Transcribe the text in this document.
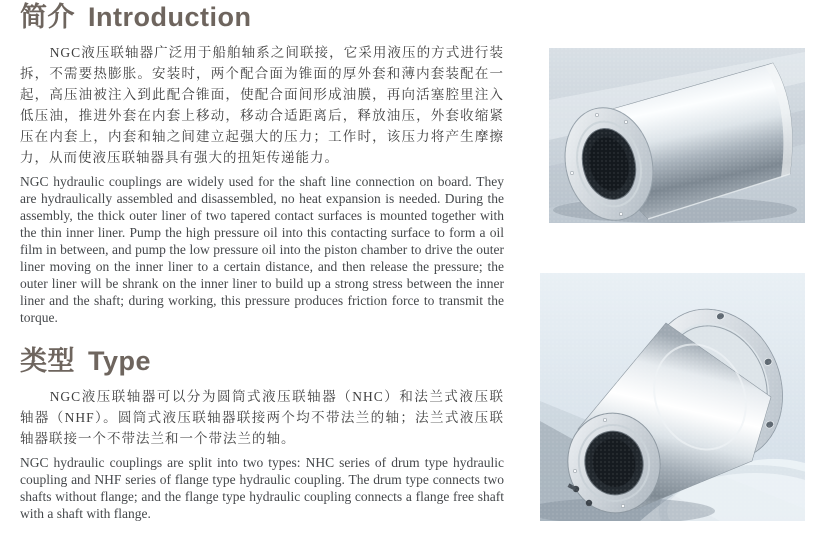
简介 Introduction

NGC液压联轴器广泛用于船舶轴系之间联接，它采用液压的方式进行装拆，不需要热膨胀。安装时，两个配合面为锥面的厚外套和薄内套装配在一起，高压油被注入到此配合锥面，使配合面间形成油膜，再向活塞腔里注入低压油，推进外套在内套上移动，移动合适距离后，释放油压，外套收缩紧压在内套上，内套和轴之间建立起强大的压力；工作时，该压力将产生摩擦力，从而使液压联轴器具有强大的扭矩传递能力。

NGC hydraulic couplings are widely used for the shaft line connection on board. They are hydraulically assembled and disassembled, no heat expansion is needed. During the assembly, the thick outer liner of two tapered contact surfaces is mounted together with the thin inner liner. Pump the high pressure oil into this contacting surface to form a oil film in between, and pump the low pressure oil into the piston chamber to drive the outer liner moving on the inner liner to a certain distance, and then release the pressure; the outer liner will be shrank on the inner liner to build up a strong stress between the inner liner and the shaft; during working, this pressure produces friction force to transmit the torque.

类型 Type

NGC液压联轴器可以分为圆筒式液压联轴器（NHC）和法兰式液压联轴器（NHF）。圆筒式液压联轴器联接两个均不带法兰的轴；法兰式液压联轴器联接一个不带法兰和一个带法兰的轴。

NGC hydraulic couplings are split into two types: NHC series of drum type hydraulic coupling and NHF series of flange type hydraulic coupling. The drum type connects two shafts without flange; and the flange type hydraulic coupling connects a flange free shaft with a shaft with flange.
